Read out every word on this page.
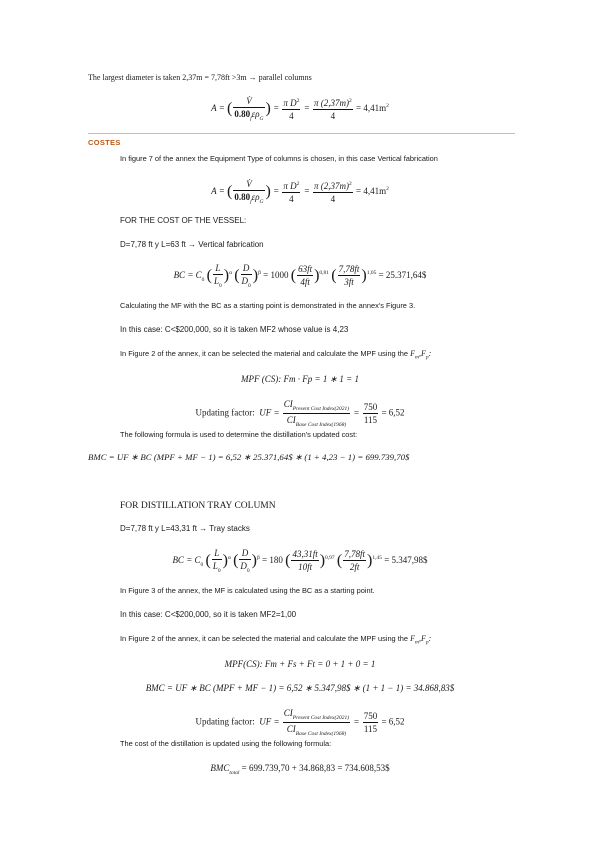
The largest diameter is taken 2,37m = 7,78ft >3m → parallel columns
A = ( $\frac{V̇}{0.80_f\varepsilon\rho_G}$ ) = $\frac{\pi D^2}{4} = \frac{\pi (2,37m)^2}{4} = 4,41m^2$
COSTES
In figure 7 of the annex the Equipment Type of columns is chosen, in this case Vertical fabrication
A = ( $\frac{V̇}{0.80_f\varepsilon\rho_G}$ ) = $\frac{\pi D^2}{4} = \frac{\pi (2,37m)^2}{4} = 4,41m^2$
FOR THE COST OF THE VESSEL:
D=7,78 ft y L=63 ft → Vertical fabrication
BC = $C_0$ ( $\frac{L}{L_0} )^\alpha$ ( $\frac{D}{D_0} )^\beta = 1000$ ( $\frac{63ft}{4ft} )^{0,81}$ ( $\frac{7,78ft}{3ft} )^{1,05}$ = 25.371,64$
Calculating the MF with the BC as a starting point is demonstrated in the annex's Figure 3.
In this case: C<$200,000, so it is taken MF2 whose value is 4,23
In Figure 2 of the annex, it can be selected the material and calculate the MPF using the $F_m,F_p$:
MPF (CS): Fm · Fp = 1 ∗ 1 = 1
Updating factor: UF = $\frac{CI_{Present Cost Index(2021)}}{CI_{Base Cost Index(1968)}} = \frac{750}{115} = 6,52$
The following formula is used to determine the distillation's updated cost:
BMC = UF ∗ BC (MPF + MF − 1) = 6,52 ∗ 25.371,64$ ∗ (1 + 4,23 − 1) = 699.739,70$
FOR DISTILLATION TRAY COLUMN
D=7,78 ft y L=43,31 ft → Tray stacks
BC = $C_0$ ( $\frac{L}{L_0} )^\alpha$ ( $\frac{D}{D_0} )^\beta = 180$ ( $\frac{43,31ft}{10ft} )^{0,97}$ ( $\frac{7,78ft}{2ft} )^{1,45}$ = 5.347,98$
In Figure 3 of the annex, the MF is calculated using the BC as a starting point.
In this case: C<$200,000, so it is taken MF2=1,00
In Figure 2 of the annex, it can be selected the material and calculate the MPF using the $F_m,F_p$:
MPF(CS): Fm + Fs + Ft = 0 + 1 + 0 = 1
BMC = UF ∗ BC (MPF + MF − 1) = 6,52 ∗ 5.347,98$ ∗ (1 + 1 − 1) = 34.868,83$
Updating factor: UF = $\frac{CI_{Present Cost Index(2021)}}{CI_{Base Cost Index(1968)}} = \frac{750}{115} = 6,52$
The cost of the distillation is updated using the following formula:
$BMC_{total} = 699.739,70 + 34.868,83$ = 734.608,53$
